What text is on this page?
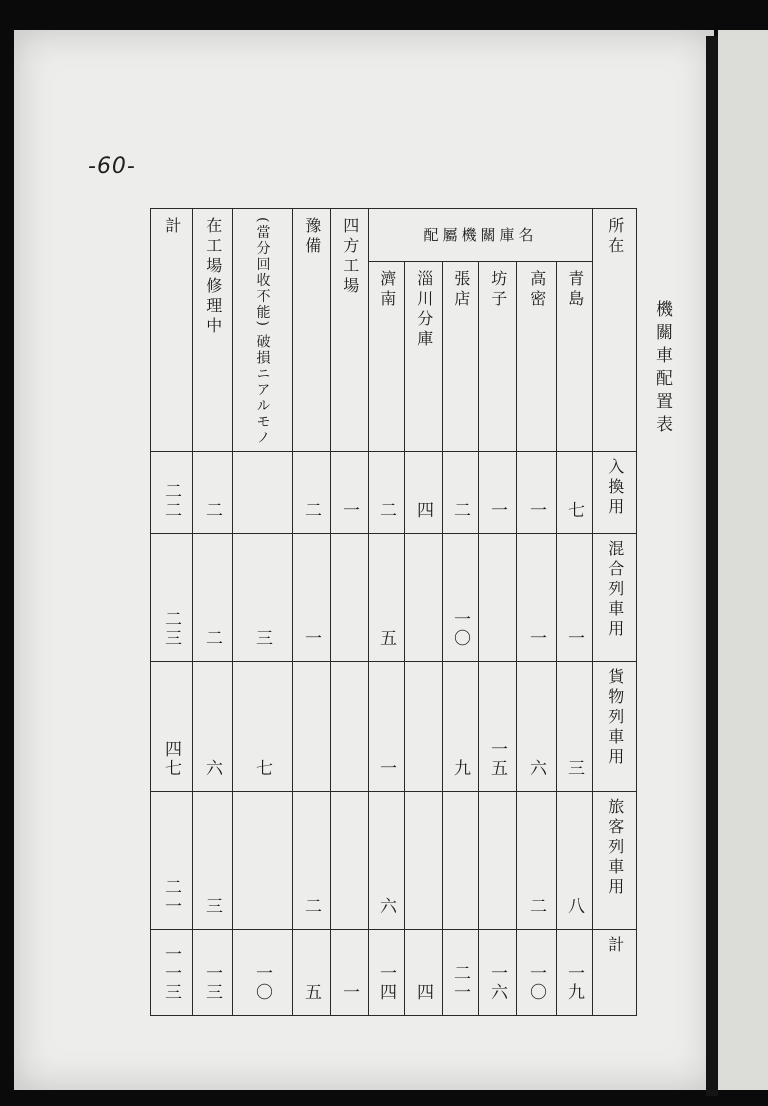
-60-
機關車配置表
計	在工場修理中	(當分回收不能) 破損ニアルモノ	豫備	四方工場	配屬機關庫名						所在
					濟南	淄川分庫	張店	坊子	高密	青島	
二二	二		二	一	二	四	二	一	一	七	入換用
二三	二	三	一		五		一〇		一	一	混合列車用
四七	六	七			一		九	一五	六	三	貨物列車用
二一	三		二		六				二	八	旅客列車用
一一三	一三	一〇	五	一	一四	四	二一	一六	一〇	一九	計
